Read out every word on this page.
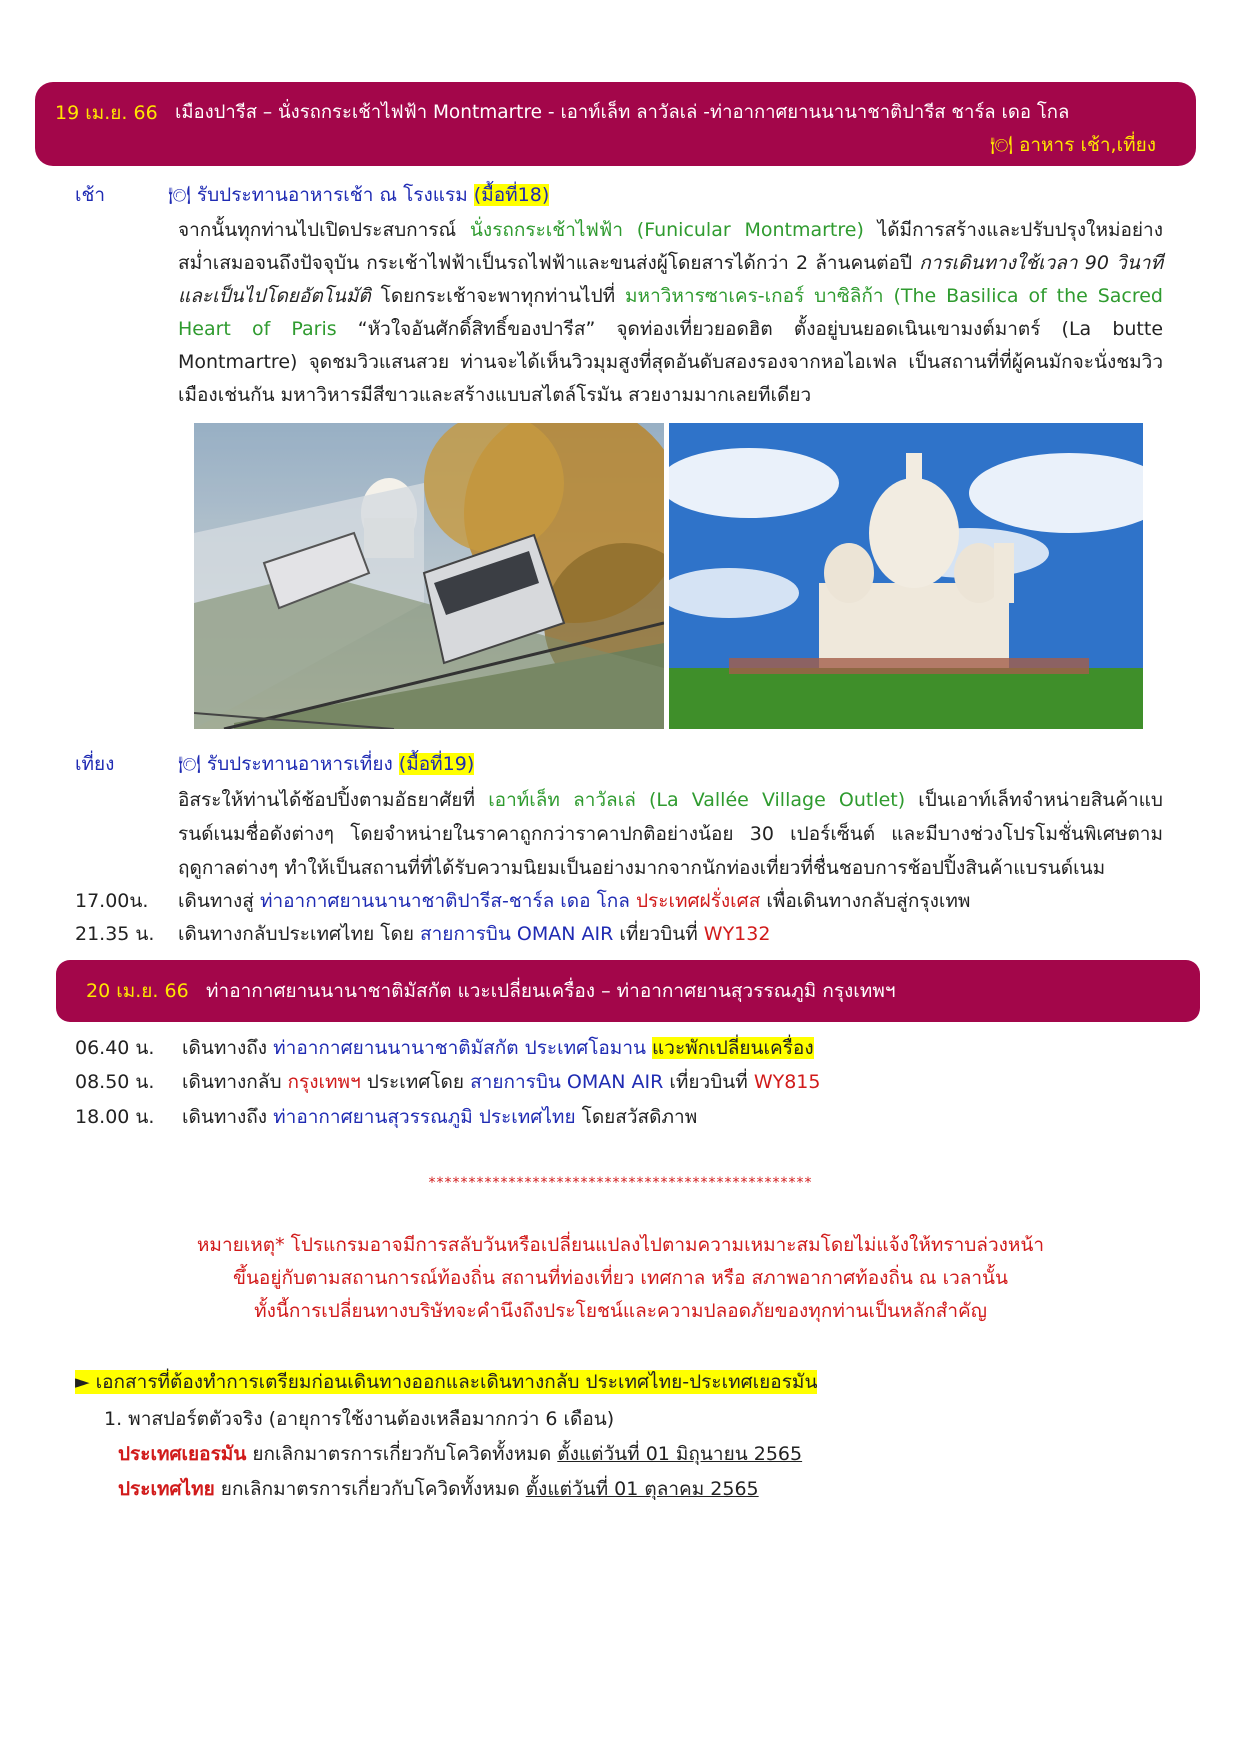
19 เม.ย. 66 เมืองปารีส – นั่งรถกระเช้าไฟฟ้า Montmartre - เอาท์เล็ท ลาวัลเล่ -ท่าอากาศยานนานาชาติปารีส ชาร์ล เดอ โกล
🍽 อาหาร เช้า,เที่ยง
เช้า	🍽 รับประทานอาหารเช้า ณ โรงแรม (มื้อที่18)
จากนั้นทุกท่านไปเปิดประสบการณ์ นั่งรถกระเช้าไฟฟ้า (Funicular Montmartre) ได้มีการสร้างและปรับปรุงใหม่อย่างสม่ำเสมอจนถึงปัจจุบัน กระเช้าไฟฟ้าเป็นรถไฟฟ้าและขนส่งผู้โดยสารได้กว่า 2 ล้านคนต่อปี การเดินทางใช้เวลา 90 วินาทีและเป็นไปโดยอัตโนมัติ โดยกระเช้าจะพาทุกท่านไปที่ มหาวิหารซาเคร-เกอร์ บาซิลิก้า (The Basilica of the Sacred Heart of Paris “หัวใจอันศักดิ์สิทธิ์ของปารีส” จุดท่องเที่ยวยอดฮิต ตั้งอยู่บนยอดเนินเขามงต์มาตร์ (La butte Montmartre) จุดชมวิวแสนสวย ท่านจะได้เห็นวิวมุมสูงที่สุดอันดับสองรองจากหอไอเฟล เป็นสถานที่ที่ผู้คนมักจะนั่งชมวิวเมืองเช่นกัน มหาวิหารมีสีขาวและสร้างแบบสไตล์โรมัน สวยงามมากเลยทีเดียว
เที่ยง	🍽 รับประทานอาหารเที่ยง (มื้อที่19)
อิสระให้ท่านได้ช้อปปิ้งตามอัธยาศัยที่ เอาท์เล็ท ลาวัลเล่ (La Vallée Village Outlet) เป็นเอาท์เล็ทจำหน่ายสินค้าแบรนด์เนมชื่อดังต่างๆ โดยจำหน่ายในราคาถูกกว่าราคาปกติอย่างน้อย 30 เปอร์เซ็นต์ และมีบางช่วงโปรโมชั่นพิเศษตามฤดูกาลต่างๆ ทำให้เป็นสถานที่ที่ได้รับความนิยมเป็นอย่างมากจากนักท่องเที่ยวที่ชื่นชอบการช้อปปิ้งสินค้าแบรนด์เนม
17.00น. เดินทางสู่ ท่าอากาศยานนานาชาติปารีส-ชาร์ล เดอ โกล ประเทศฝรั่งเศส เพื่อเดินทางกลับสู่กรุงเทพ
21.35 น. เดินทางกลับประเทศไทย โดย สายการบิน OMAN AIR เที่ยวบินที่ WY132
20 เม.ย. 66 ท่าอากาศยานนานาชาติมัสกัต แวะเปลี่ยนเครื่อง – ท่าอากาศยานสุวรรณภูมิ กรุงเทพฯ
06.40 น. เดินทางถึง ท่าอากาศยานนานาชาติมัสกัต ประเทศโอมาน แวะพักเปลี่ยนเครื่อง
08.50 น. เดินทางกลับ กรุงเทพฯ ประเทศโดย สายการบิน OMAN AIR เที่ยวบินที่ WY815
18.00 น. เดินทางถึง ท่าอากาศยานสุวรรณภูมิ ประเทศไทย โดยสวัสดิภาพ
************************************************
หมายเหตุ* โปรแกรมอาจมีการสลับวันหรือเปลี่ยนแปลงไปตามความเหมาะสมโดยไม่แจ้งให้ทราบล่วงหน้า
ขึ้นอยู่กับตามสถานการณ์ท้องถิ่น สถานที่ท่องเที่ยว เทศกาล หรือ สภาพอากาศท้องถิ่น ณ เวลานั้น
ทั้งนี้การเปลี่ยนทางบริษัทจะคำนึงถึงประโยชน์และความปลอดภัยของทุกท่านเป็นหลักสำคัญ
► เอกสารที่ต้องทำการเตรียมก่อนเดินทางออกและเดินทางกลับ ประเทศไทย-ประเทศเยอรมัน
1. พาสปอร์ตตัวจริง (อายุการใช้งานต้องเหลือมากกว่า 6 เดือน)
ประเทศเยอรมัน ยกเลิกมาตรการเกี่ยวกับโควิดทั้งหมด ตั้งแต่วันที่ 01 มิถุนายน 2565
ประเทศไทย ยกเลิกมาตรการเกี่ยวกับโควิดทั้งหมด ตั้งแต่วันที่ 01 ตุลาคม 2565
